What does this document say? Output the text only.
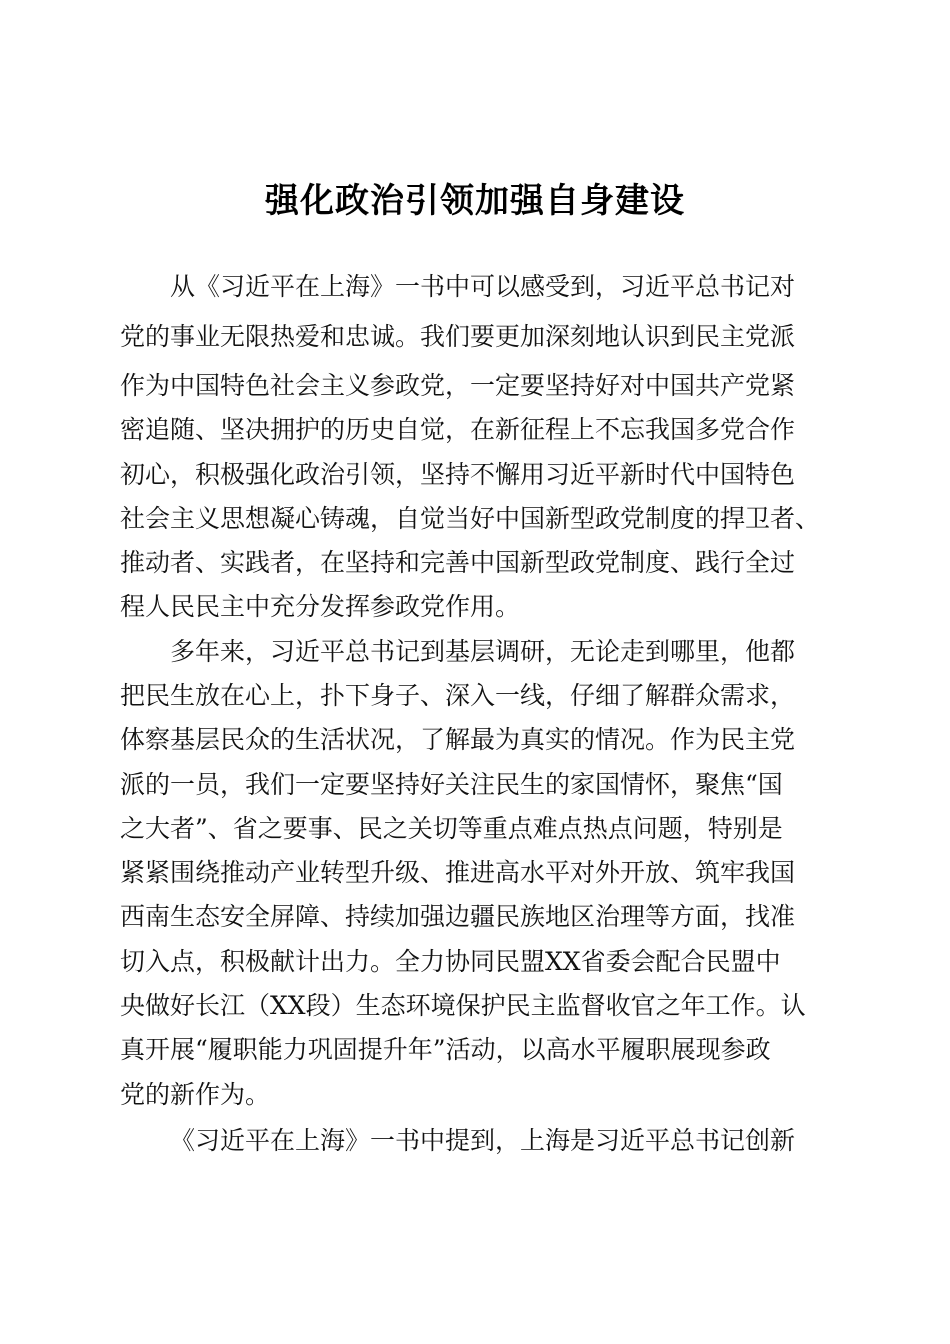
强化政治引领加强自身建设
从《习近平在上海》一书中可以感受到，习近平总书记对
党的事业无限热爱和忠诚。我们要更加深刻地认识到民主党派
作为中国特色社会主义参政党，一定要坚持好对中国共产党紧
密追随、坚决拥护的历史自觉，在新征程上不忘我国多党合作
初心，积极强化政治引领，坚持不懈用习近平新时代中国特色
社会主义思想凝心铸魂，自觉当好中国新型政党制度的捍卫者、
推动者、实践者，在坚持和完善中国新型政党制度、践行全过
程人民民主中充分发挥参政党作用。
多年来，习近平总书记到基层调研，无论走到哪里，他都
把民生放在心上，扑下身子、深入一线，仔细了解群众需求，
体察基层民众的生活状况，了解最为真实的情况。作为民主党
派的一员，我们一定要坚持好关注民生的家国情怀，聚焦“国
之大者”、省之要事、民之关切等重点难点热点问题，特别是
紧紧围绕推动产业转型升级、推进高水平对外开放、筑牢我国
西南生态安全屏障、持续加强边疆民族地区治理等方面，找准
切入点，积极献计出力。全力协同民盟XX省委会配合民盟中
央做好长江（XX段）生态环境保护民主监督收官之年工作。认
真开展“履职能力巩固提升年”活动，以高水平履职展现参政
党的新作为。
《习近平在上海》一书中提到，上海是习近平总书记创新
